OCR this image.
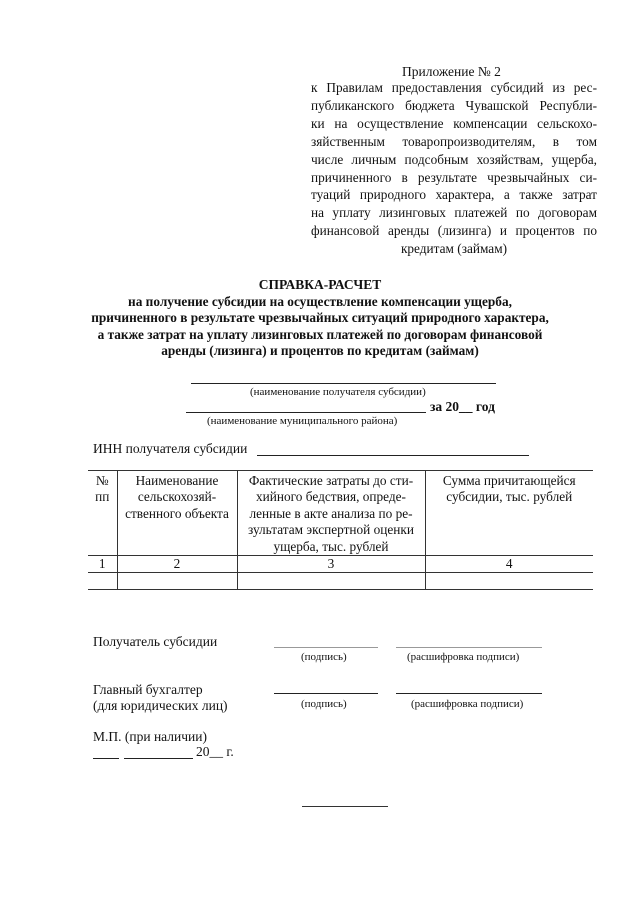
Приложение № 2
к Правилам предоставления субсидий из рес-
публиканского бюджета Чувашской Республи-
ки на осуществление компенсации сельскохо-
зяйственным товаропроизводителям, в том
числе личным подсобным хозяйствам, ущерба,
причиненного в результате чрезвычайных си-
туаций природного характера, а также затрат
на уплату лизинговых платежей по договорам
финансовой аренды (лизинга) и процентов по
кредитам (займам)
СПРАВКА-РАСЧЕТ
на получение субсидии на осуществление компенсации ущерба,
причиненного в результате чрезвычайных ситуаций природного характера,
а также затрат на уплату лизинговых платежей по договорам финансовой
аренды (лизинга) и процентов по кредитам (займам)
(наименование получателя субсидии)
за 20__ год
(наименование муниципального района)
ИНН получателя субсидии
№ пп	Наименование сельскохозяй-ственного объекта	Фактические затраты до сти-хийного бедствия, опреде-ленные в акте анализа по ре-зультатам экспертной оценки ущерба, тыс. рублей	Сумма причитающейся субсидии, тыс. рублей
1	2	3	4

Получатель субсидии
(подпись)	(расшифровка подписи)
Главный бухгалтер
(для юридических лиц)	(подпись)	(расшифровка подписи)
М.П. (при наличии)
20__ г.
